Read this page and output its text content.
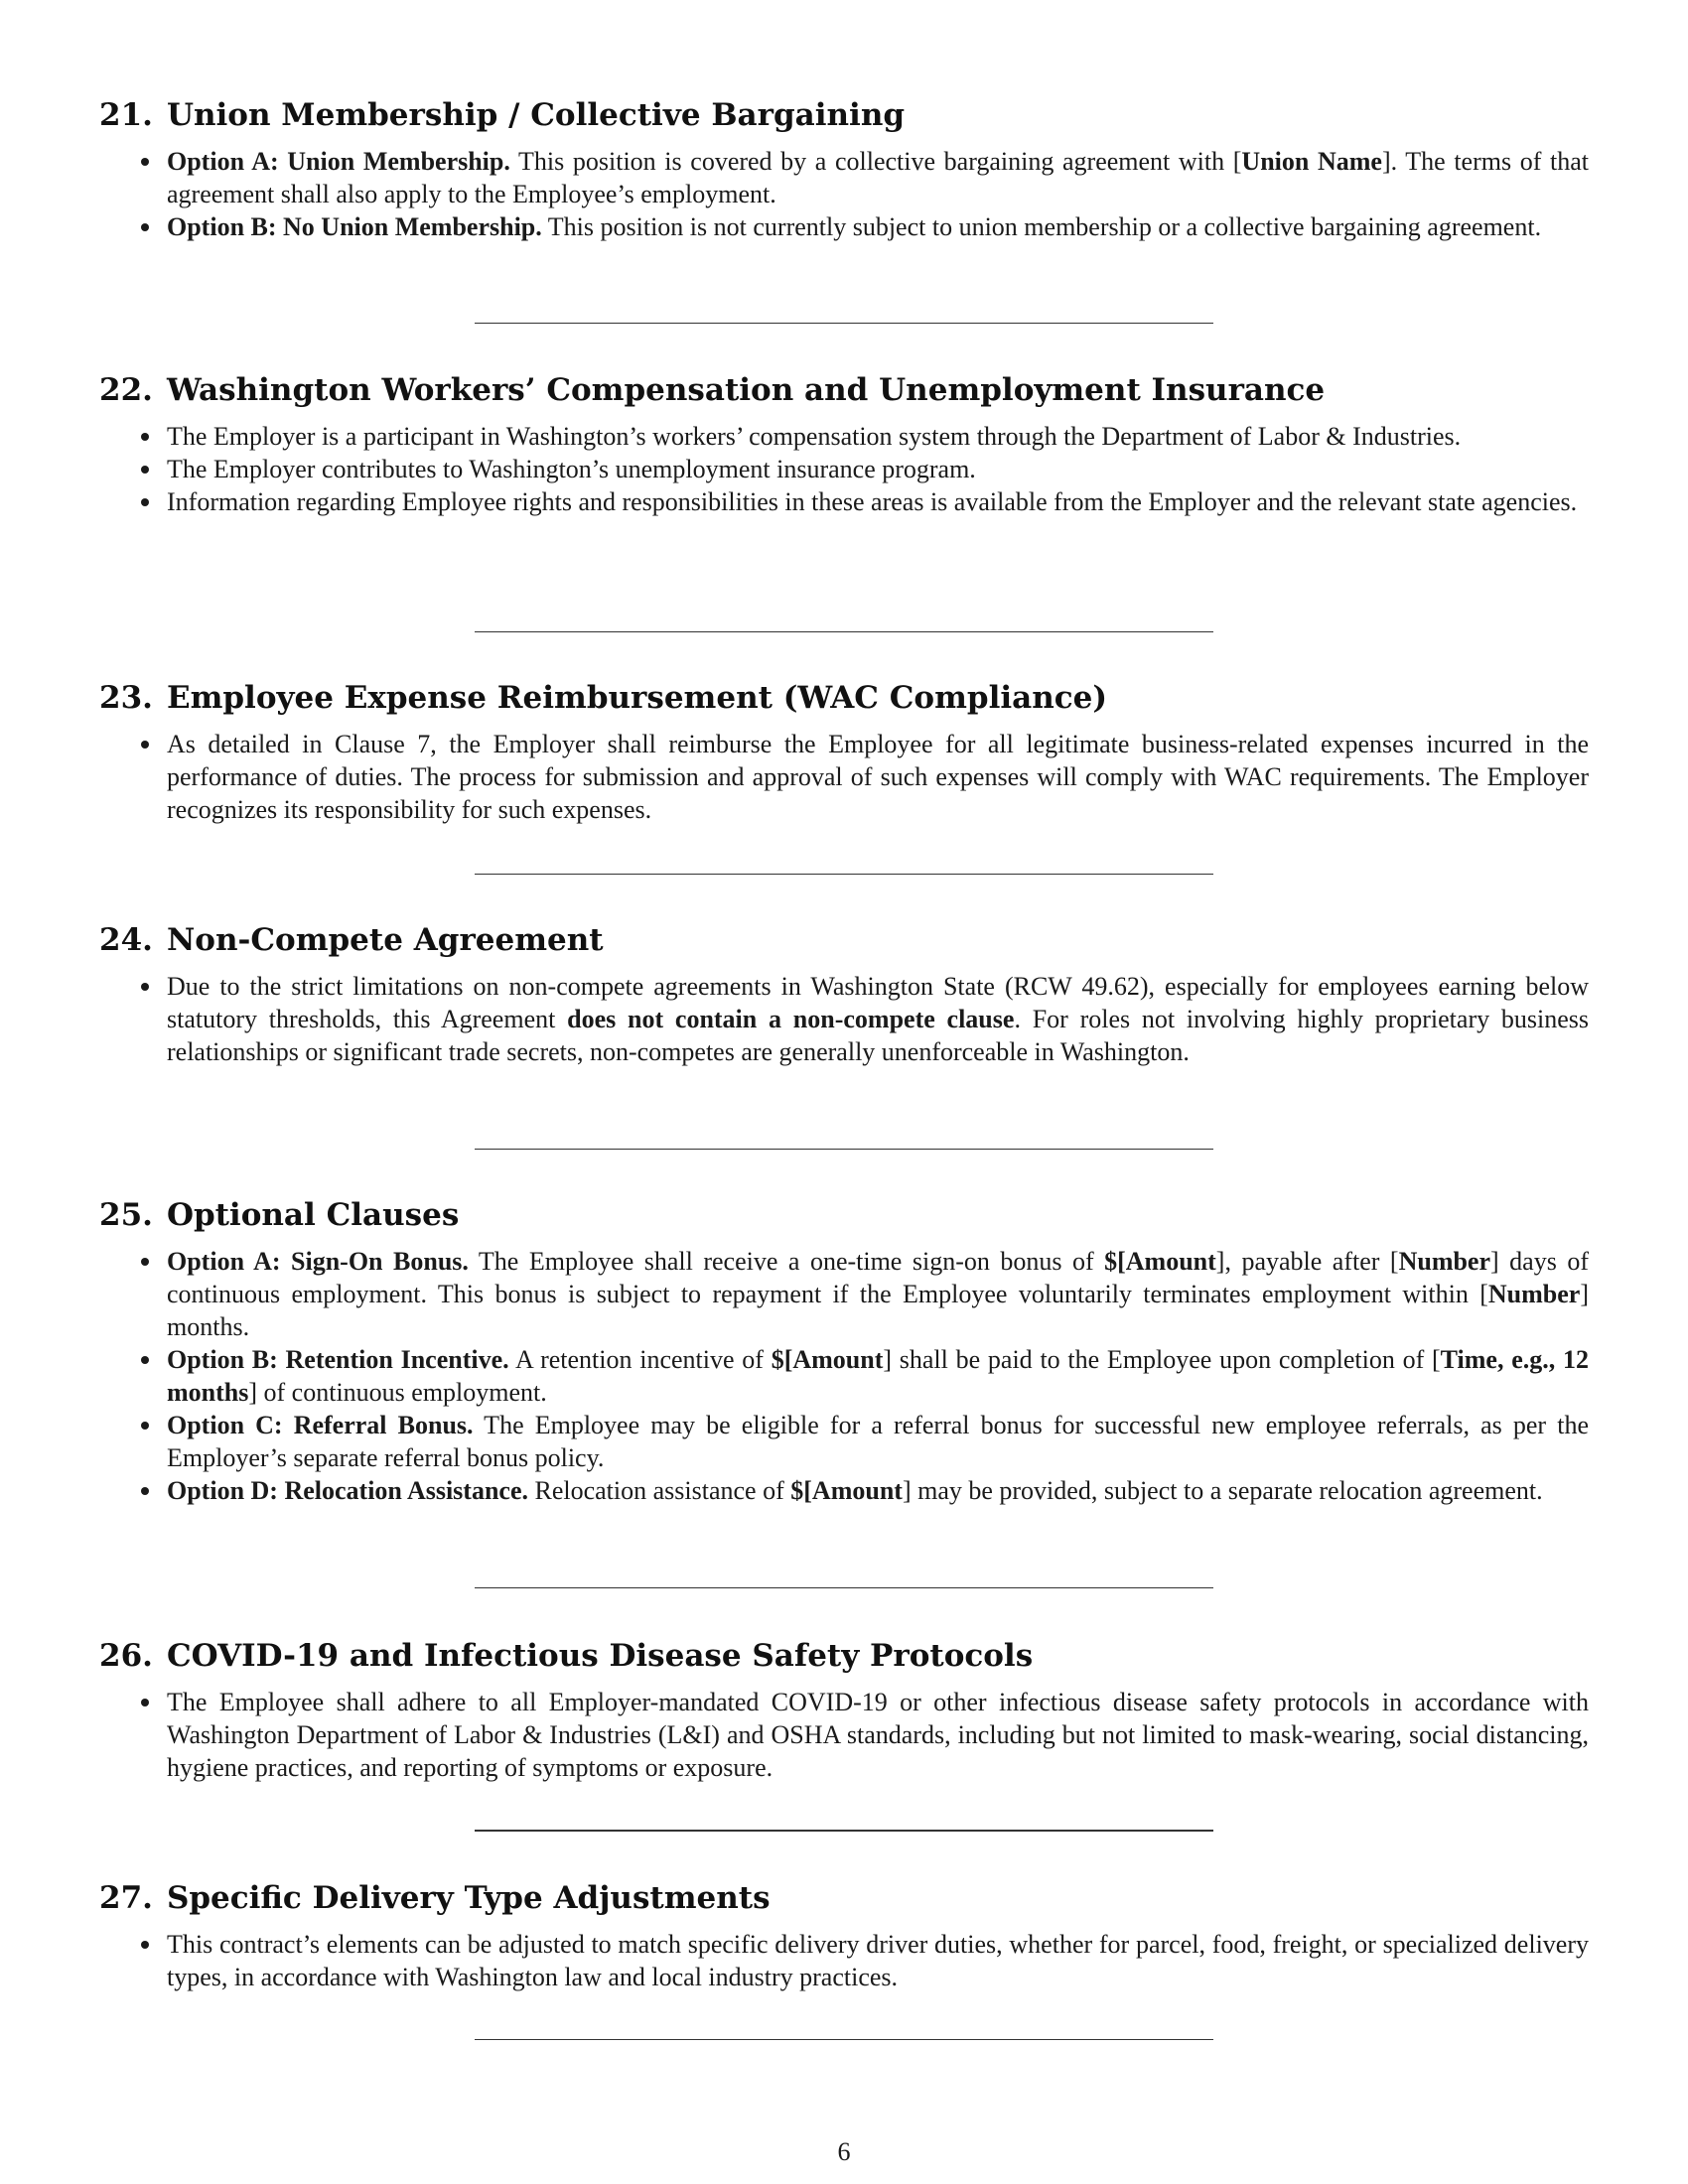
21. Union Membership / Collective Bargaining
Option A: Union Membership. This position is covered by a collective bargaining agreement with [Union Name]. The terms of that agreement shall also apply to the Employee’s employment.
Option B: No Union Membership. This position is not currently subject to union membership or a collective bargaining agreement.
22. Washington Workers’ Compensation and Unemployment Insurance
The Employer is a participant in Washington’s workers’ compensation system through the Department of Labor & Industries.
The Employer contributes to Washington’s unemployment insurance program.
Information regarding Employee rights and responsibilities in these areas is available from the Employer and the relevant state agencies.
23. Employee Expense Reimbursement (WAC Compliance)
As detailed in Clause 7, the Employer shall reimburse the Employee for all legitimate business-related expenses incurred in the performance of duties. The process for submission and approval of such expenses will comply with WAC requirements. The Employer recognizes its responsibility for such expenses.
24. Non-Compete Agreement
Due to the strict limitations on non-compete agreements in Washington State (RCW 49.62), especially for employees earning below statutory thresholds, this Agreement does not contain a non-compete clause. For roles not involving highly proprietary business relationships or significant trade secrets, non-competes are generally unenforceable in Washington.
25. Optional Clauses
Option A: Sign-On Bonus. The Employee shall receive a one-time sign-on bonus of $[Amount], payable after [Number] days of continuous employment. This bonus is subject to repayment if the Employee voluntarily terminates employment within [Number] months.
Option B: Retention Incentive. A retention incentive of $[Amount] shall be paid to the Employee upon completion of [Time, e.g., 12 months] of continuous employment.
Option C: Referral Bonus. The Employee may be eligible for a referral bonus for successful new employee referrals, as per the Employer’s separate referral bonus policy.
Option D: Relocation Assistance. Relocation assistance of $[Amount] may be provided, subject to a separate relocation agreement.
26. COVID-19 and Infectious Disease Safety Protocols
The Employee shall adhere to all Employer-mandated COVID-19 or other infectious disease safety protocols in accordance with Washington Department of Labor & Industries (L&I) and OSHA standards, including but not limited to mask-wearing, social distancing, hygiene practices, and reporting of symptoms or exposure.
27. Specific Delivery Type Adjustments
This contract’s elements can be adjusted to match specific delivery driver duties, whether for parcel, food, freight, or specialized delivery types, in accordance with Washington law and local industry practices.
6
